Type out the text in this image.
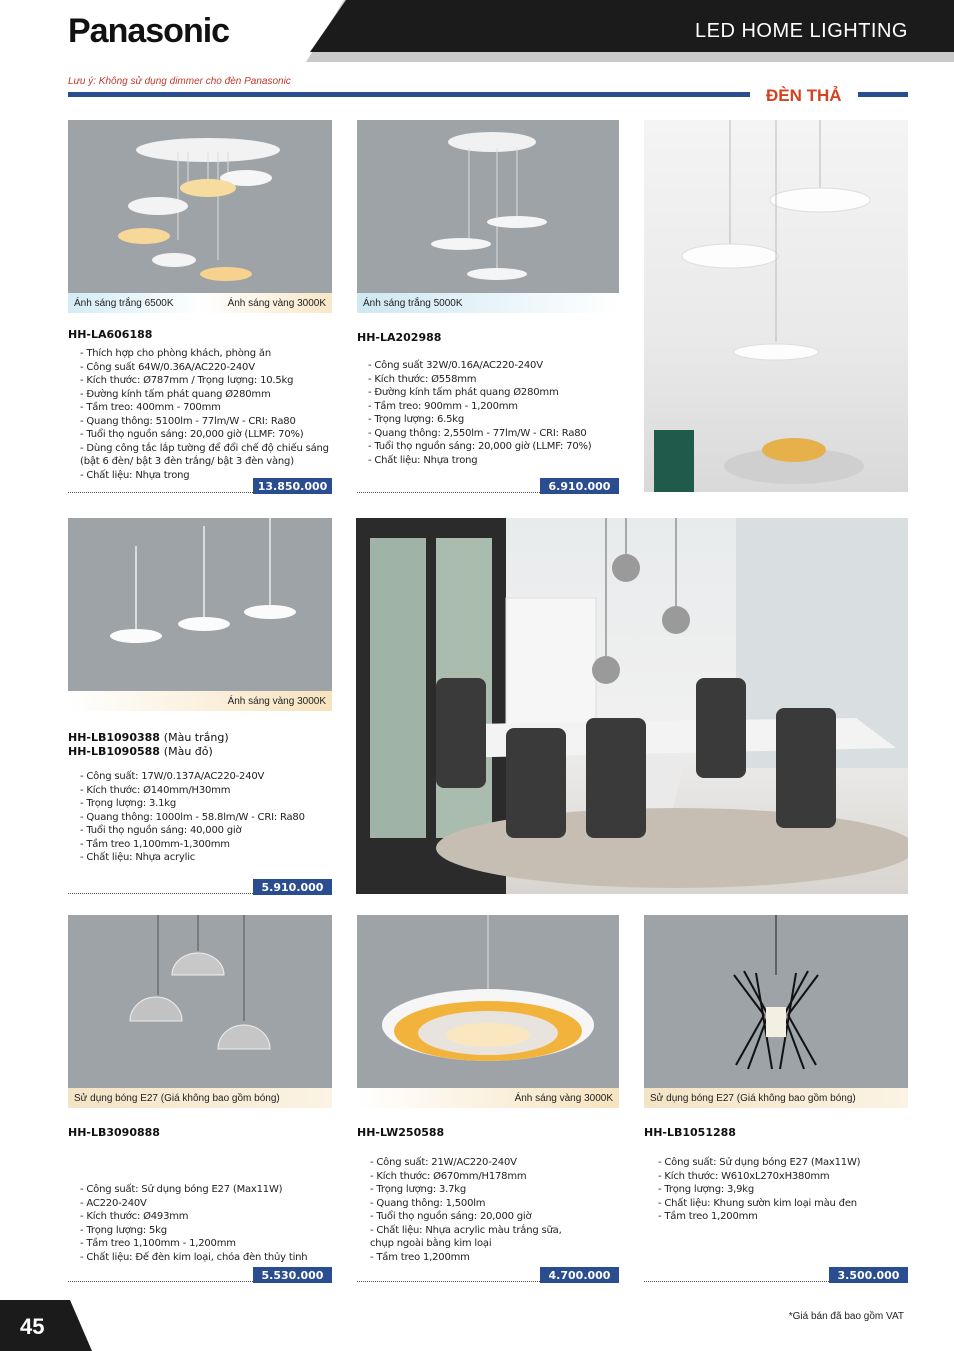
Panasonic	LED HOME LIGHTING
Lưu ý: Không sử dụng dimmer cho đèn Panasonic
ĐÈN THẢ
Ánh sáng trắng 6500K	Ánh sáng vàng 3000K
HH-LA606188
- Thích hợp cho phòng khách, phòng ăn
- Công suất 64W/0.36A/AC220-240V
- Kích thước: Ø787mm / Trọng lượng: 10.5kg
- Đường kính tấm phát quang Ø280mm
- Tầm treo: 400mm - 700mm
- Quang thông: 5100lm - 77lm/W - CRI: Ra80
- Tuổi thọ nguồn sáng: 20,000 giờ (LLMF: 70%)
- Dùng công tắc lắp tường để đổi chế độ chiếu sáng
(bật 6 đèn/ bật 3 đèn trắng/ bật 3 đèn vàng)
- Chất liệu: Nhựa trong
13.850.000
Ánh sáng trắng 5000K
HH-LA202988
- Công suất 32W/0.16A/AC220-240V
- Kích thước: Ø558mm
- Đường kính tấm phát quang Ø280mm
- Tầm treo: 900mm - 1,200mm
- Trọng lượng: 6.5kg
- Quang thông: 2,550lm - 77lm/W - CRI: Ra80
- Tuổi thọ nguồn sáng: 20,000 giờ (LLMF: 70%)
- Chất liệu: Nhựa trong
6.910.000
Ánh sáng vàng 3000K
HH-LB1090388 (Màu trắng)
HH-LB1090588 (Màu đỏ)
- Công suất: 17W/0.137A/AC220-240V
- Kích thước: Ø140mm/H30mm
- Trọng lượng: 3.1kg
- Quang thông: 1000lm - 58.8lm/W - CRI: Ra80
- Tuổi thọ nguồn sáng: 40,000 giờ
- Tầm treo 1,100mm-1,300mm
- Chất liệu: Nhựa acrylic
5.910.000
Sử dụng bóng E27 (Giá không bao gồm bóng)
HH-LB3090888
- Công suất: Sử dụng bóng E27 (Max11W)
- AC220-240V
- Kích thước: Ø493mm
- Trọng lượng: 5kg
- Tầm treo 1,100mm - 1,200mm
- Chất liệu: Đế đèn kim loại, chóa đèn thủy tinh
5.530.000
Ánh sáng vàng 3000K
HH-LW250588
- Công suất: 21W/AC220-240V
- Kích thước: Ø670mm/H178mm
- Trọng lượng: 3.7kg
- Quang thông: 1,500lm
- Tuổi thọ nguồn sáng: 20,000 giờ
- Chất liệu: Nhựa acrylic màu trắng sữa,
chụp ngoài bằng kim loại
- Tầm treo 1,200mm
4.700.000
Sử dụng bóng E27 (Giá không bao gồm bóng)
HH-LB1051288
- Công suất: Sử dụng bóng E27 (Max11W)
- Kích thước: W610xL270xH380mm
- Trọng lượng: 3,9kg
- Chất liệu: Khung sườn kim loại màu đen
- Tầm treo 1,200mm
3.500.000
45	*Giá bán đã bao gồm VAT
